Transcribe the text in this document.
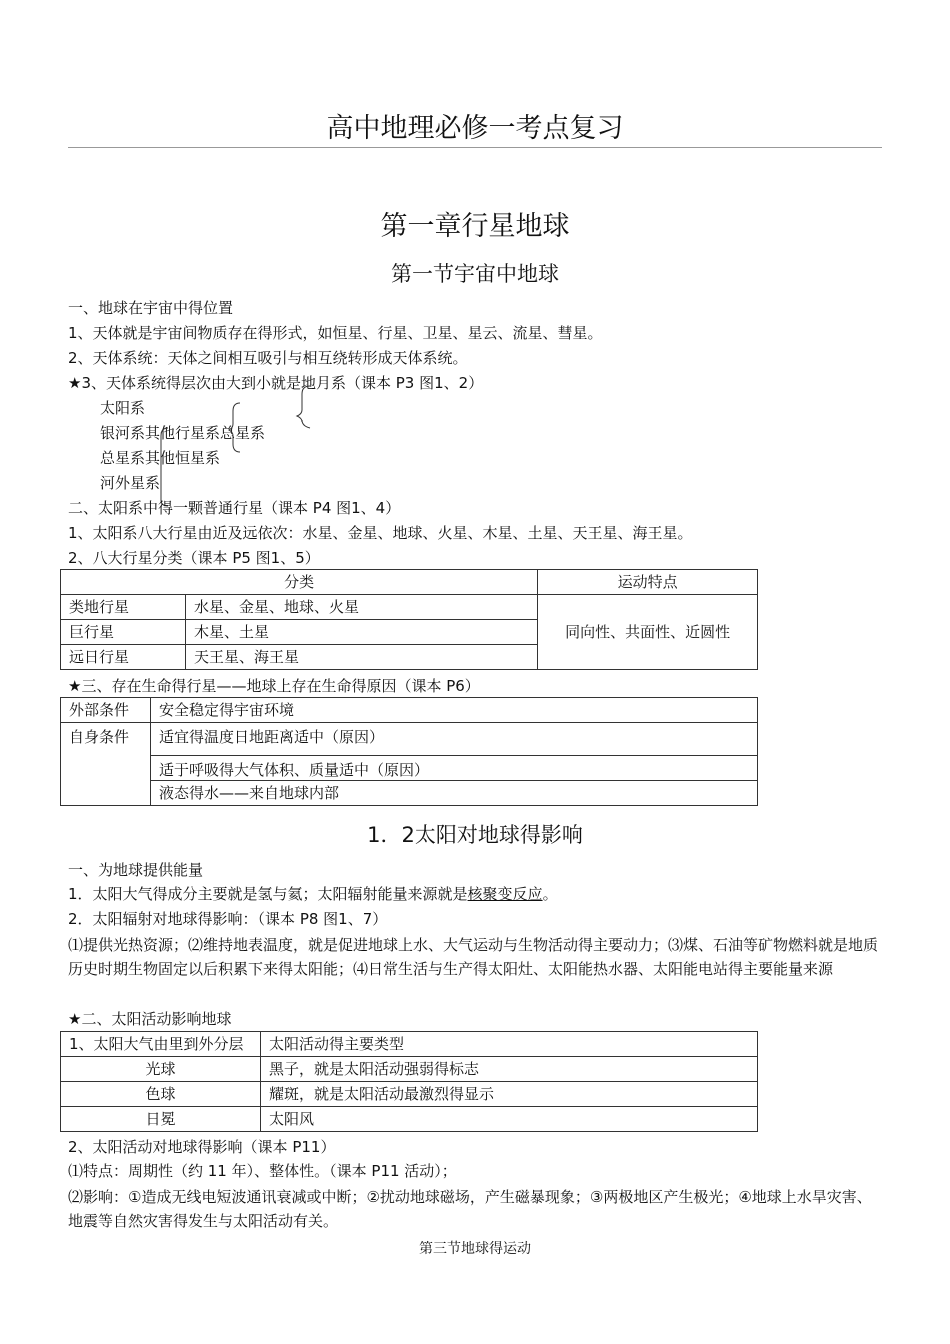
高中地理必修一考点复习
第一章行星地球
第一节宇宙中地球
一、地球在宇宙中得位置
1、天体就是宇宙间物质存在得形式，如恒星、行星、卫星、星云、流星、彗星。
2、天体系统：天体之间相互吸引与相互绕转形成天体系统。
★3、天体系统得层次由大到小就是地月系（课本 P3 图1、2）
太阳系
银河系其他行星系总星系
总星系其他恒星系
河外星系
二、太阳系中得一颗普通行星（课本 P4 图1、4）
1、太阳系八大行星由近及远依次：水星、金星、地球、火星、木星、土星、天王星、海王星。
2、八大行星分类（课本 P5 图1、5）
分类		运动特点
类地行星	水星、金星、地球、火星	同向性、共面性、近圆性
巨行星	木星、土星	
远日行星	天王星、海王星	
★三、存在生命得行星——地球上存在生命得原因（课本 P6）
外部条件	安全稳定得宇宙环境
自身条件	适宜得温度日地距离适中（原因）
	适于呼吸得大气体积、质量适中（原因）
	液态得水——来自地球内部
1．2太阳对地球得影响
一、为地球提供能量
1．太阳大气得成分主要就是氢与氦；太阳辐射能量来源就是核聚变反应。
2．太阳辐射对地球得影响：（课本 P8 图1、7）
⑴提供光热资源；⑵维持地表温度，就是促进地球上水、大气运动与生物活动得主要动力；⑶煤、石油等矿物燃料就是地质历史时期生物固定以后积累下来得太阳能；⑷日常生活与生产得太阳灶、太阳能热水器、太阳能电站得主要能量来源
★二、太阳活动影响地球
1、太阳大气由里到外分层	太阳活动得主要类型
光球	黑子，就是太阳活动强弱得标志
色球	耀斑，就是太阳活动最激烈得显示
日冕	太阳风
2、太阳活动对地球得影响（课本 P11）
⑴特点：周期性（约 11 年）、整体性。（课本 P11 活动）；
⑵影响：①造成无线电短波通讯衰减或中断；②扰动地球磁场，产生磁暴现象；③两极地区产生极光；④地球上水旱灾害、地震等自然灾害得发生与太阳活动有关。
第三节地球得运动
